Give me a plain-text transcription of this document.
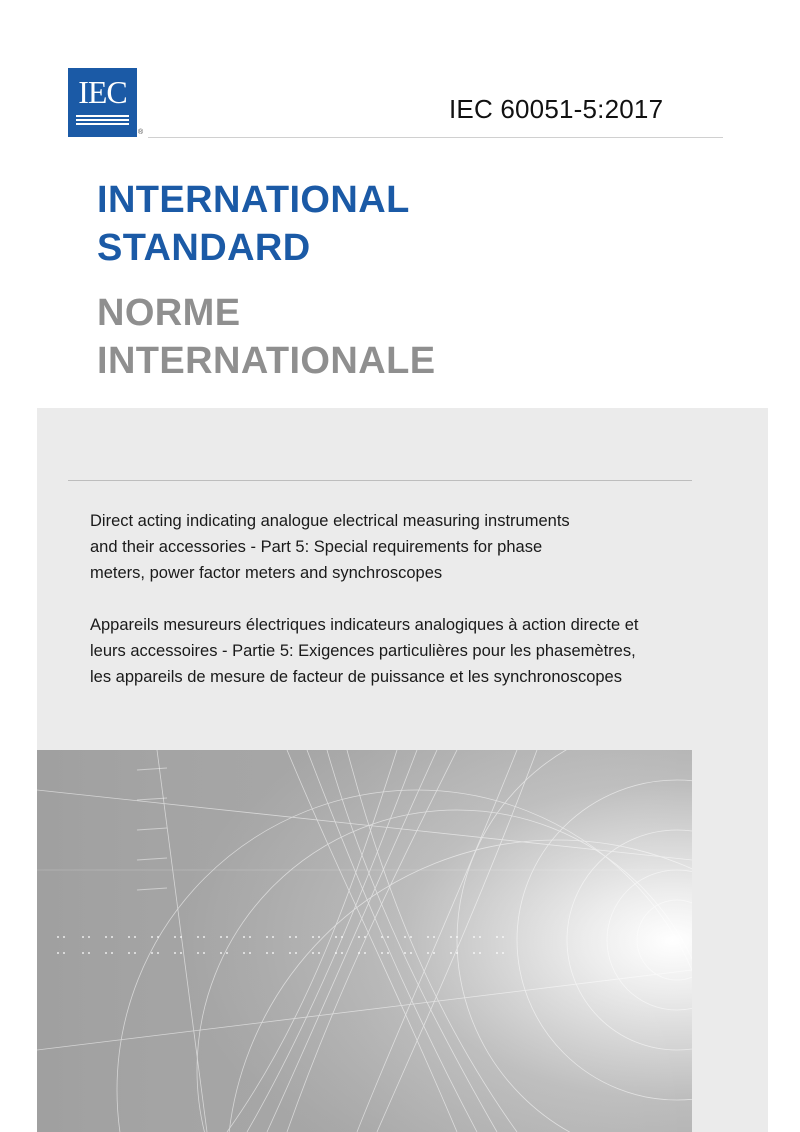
IEC
®
IEC 60051-5:2017
INTERNATIONAL
STANDARD
NORME
INTERNATIONALE
Direct acting indicating analogue electrical measuring instruments
and their accessories - Part 5: Special requirements for phase
meters, power factor meters and synchroscopes
Appareils mesureurs électriques indicateurs analogiques à action directe et
leurs accessoires - Partie 5: Exigences particulières pour les phasemètres,
les appareils de mesure de facteur de puissance et les synchronoscopes
